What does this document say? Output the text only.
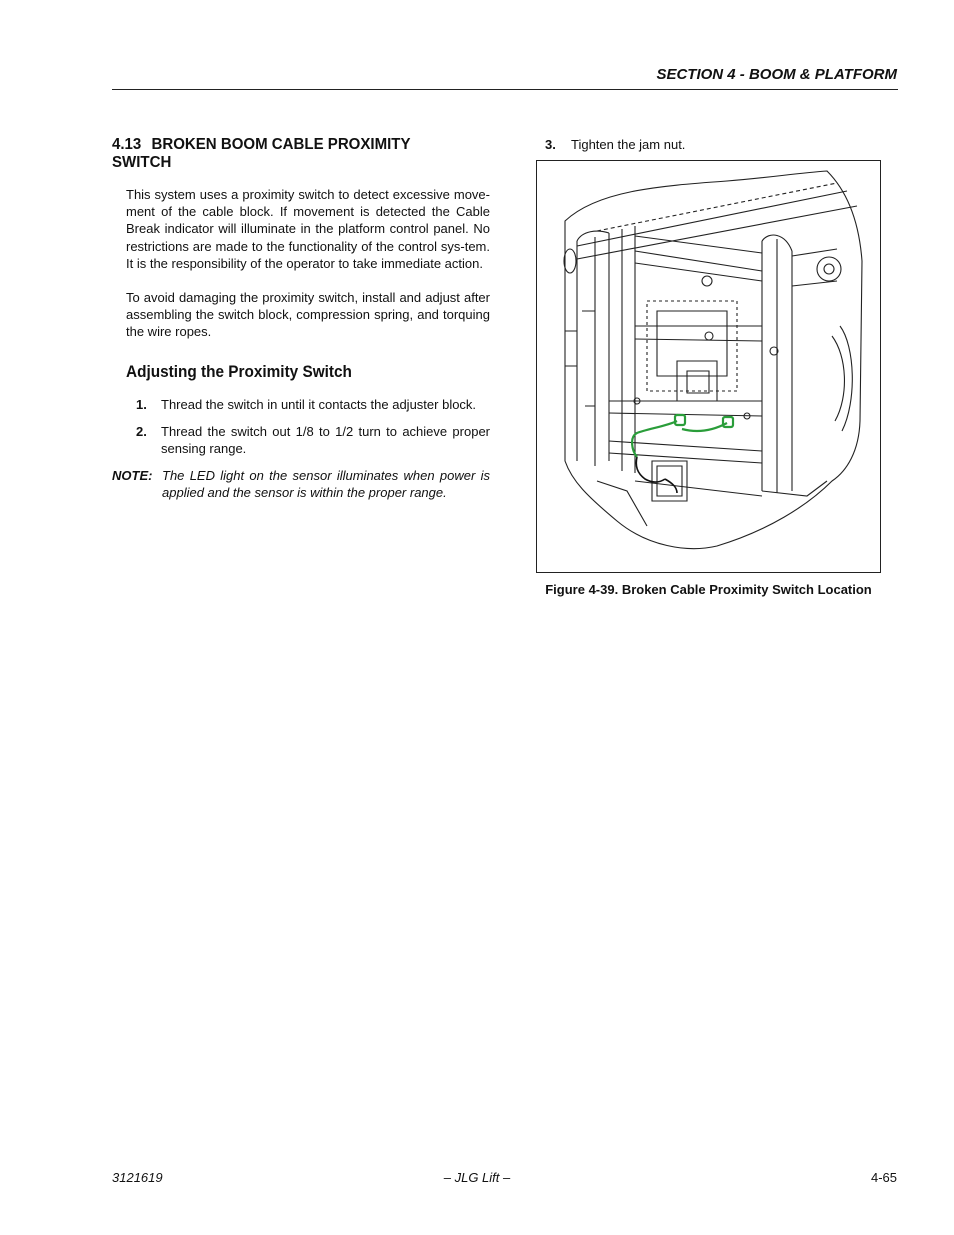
SECTION 4 - BOOM & PLATFORM
4.13 BROKEN BOOM CABLE PROXIMITY SWITCH

This system uses a proximity switch to detect excessive move-ment of the cable block. If movement is detected the Cable Break indicator will illuminate in the platform control panel. No restrictions are made to the functionality of the control sys-tem. It is the responsibility of the operator to take immediate action.

To avoid damaging the proximity switch, install and adjust after assembling the switch block, compression spring, and torquing the wire ropes.

Adjusting the Proximity Switch
1. Thread the switch in until it contacts the adjuster block.
2. Thread the switch out 1/8 to 1/2 turn to achieve proper sensing range.
NOTE: The LED light on the sensor illuminates when power is applied and the sensor is within the proper range.
3. Tighten the jam nut.
Figure 4-39. Broken Cable Proximity Switch Location
3121619	– JLG Lift –	4-65
